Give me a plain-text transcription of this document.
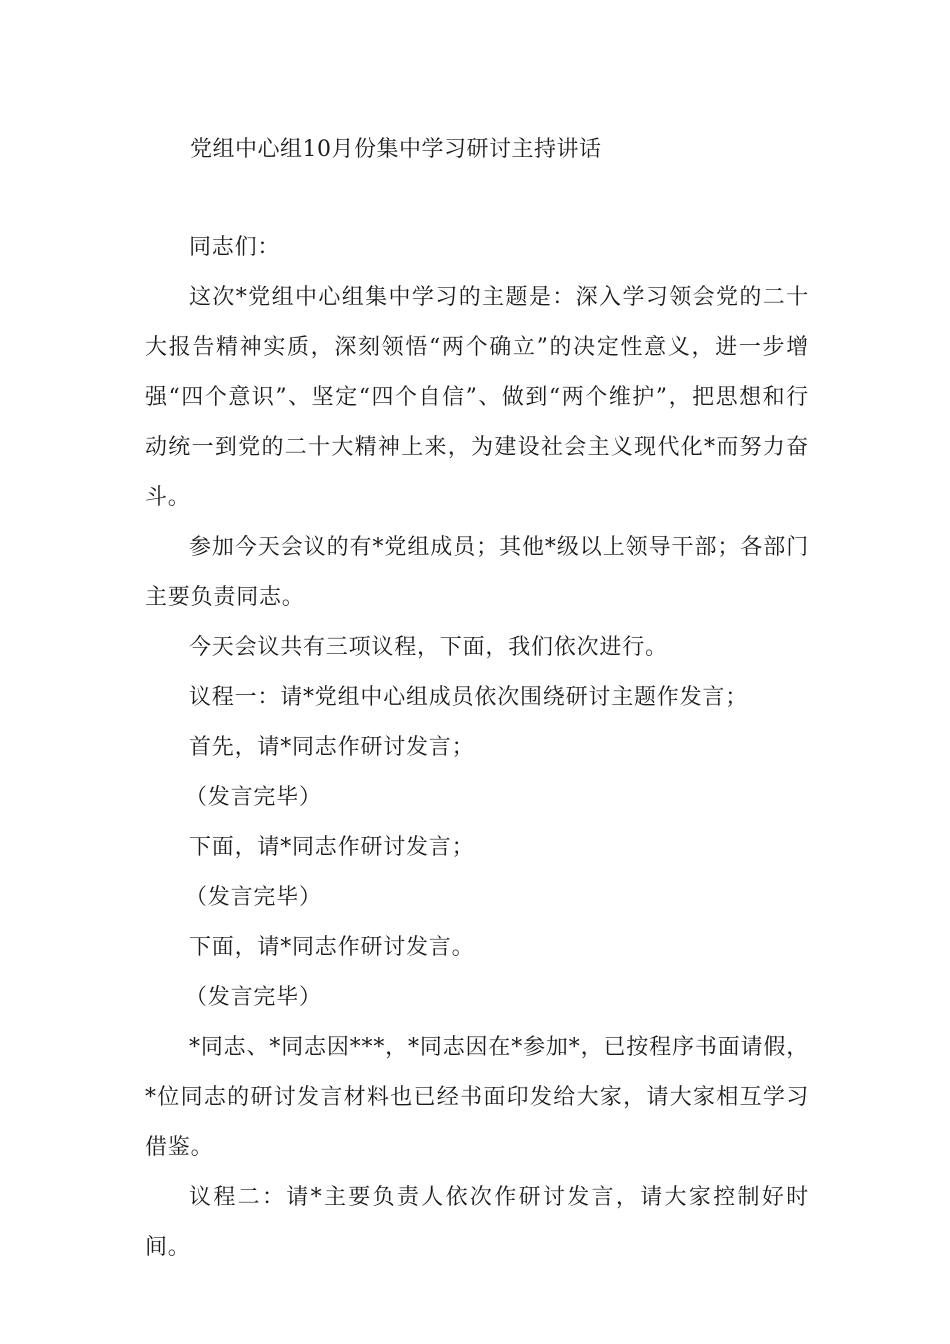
党组中心组10月份集中学习研讨主持讲话

同志们：

这次*党组中心组集中学习的主题是：深入学习领会党的二十大报告精神实质，深刻领悟“两个确立”的决定性意义，进一步增强“四个意识”、坚定“四个自信”、做到“两个维护”，把思想和行动统一到党的二十大精神上来，为建设社会主义现代化*而努力奋斗。

参加今天会议的有*党组成员；其他*级以上领导干部；各部门主要负责同志。

今天会议共有三项议程，下面，我们依次进行。

议程一：请*党组中心组成员依次围绕研讨主题作发言；

首先，请*同志作研讨发言；

（发言完毕）

下面，请*同志作研讨发言；

（发言完毕）

下面，请*同志作研讨发言。

（发言完毕）

*同志、*同志因***，*同志因在*参加*，已按程序书面请假，*位同志的研讨发言材料也已经书面印发给大家，请大家相互学习借鉴。

议程二：请*主要负责人依次作研讨发言，请大家控制好时间。
